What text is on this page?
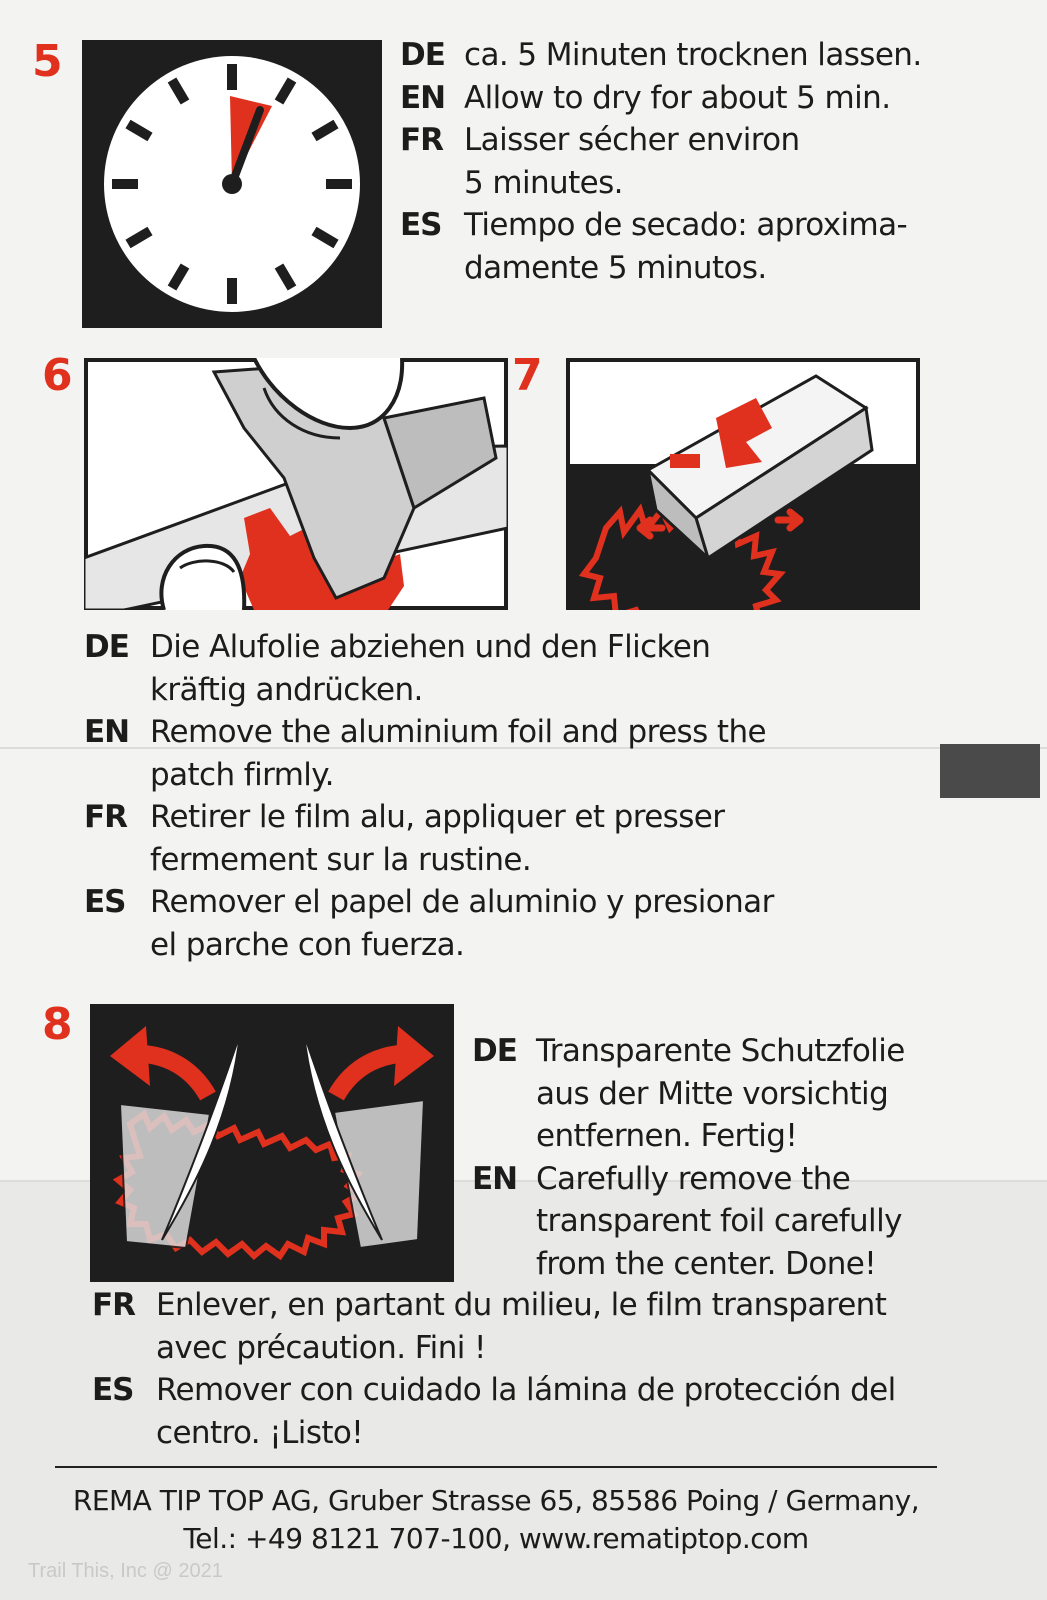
5	DE ca. 5 Minuten trocknen lassen.
EN Allow to dry for about 5 min.
FR Laisser sécher environ
5 minutes.
ES Tiempo de secado: aproxima-
damente 5 minutos.
6	7
DE Die Alufolie abziehen und den Flicken
kräftig andrücken.
EN Remove the aluminium foil and press the
patch firmly.
FR Retirer le film alu, appliquer et presser
fermement sur la rustine.
ES Remover el papel de aluminio y presionar
el parche con fuerza.
8
DE Transparente Schutzfolie
aus der Mitte vorsichtig
entfernen. Fertig!
EN Carefully remove the
transparent foil carefully
from the center. Done!
FR Enlever, en partant du milieu, le film transparent
avec précaution. Fini !
ES Remover con cuidado la lámina de protección del
centro. ¡Listo!
REMA TIP TOP AG, Gruber Strasse 65, 85586 Poing / Germany,
Tel.: +49 8121 707-100, www.rematiptop.com
Trail This, Inc @ 2021
